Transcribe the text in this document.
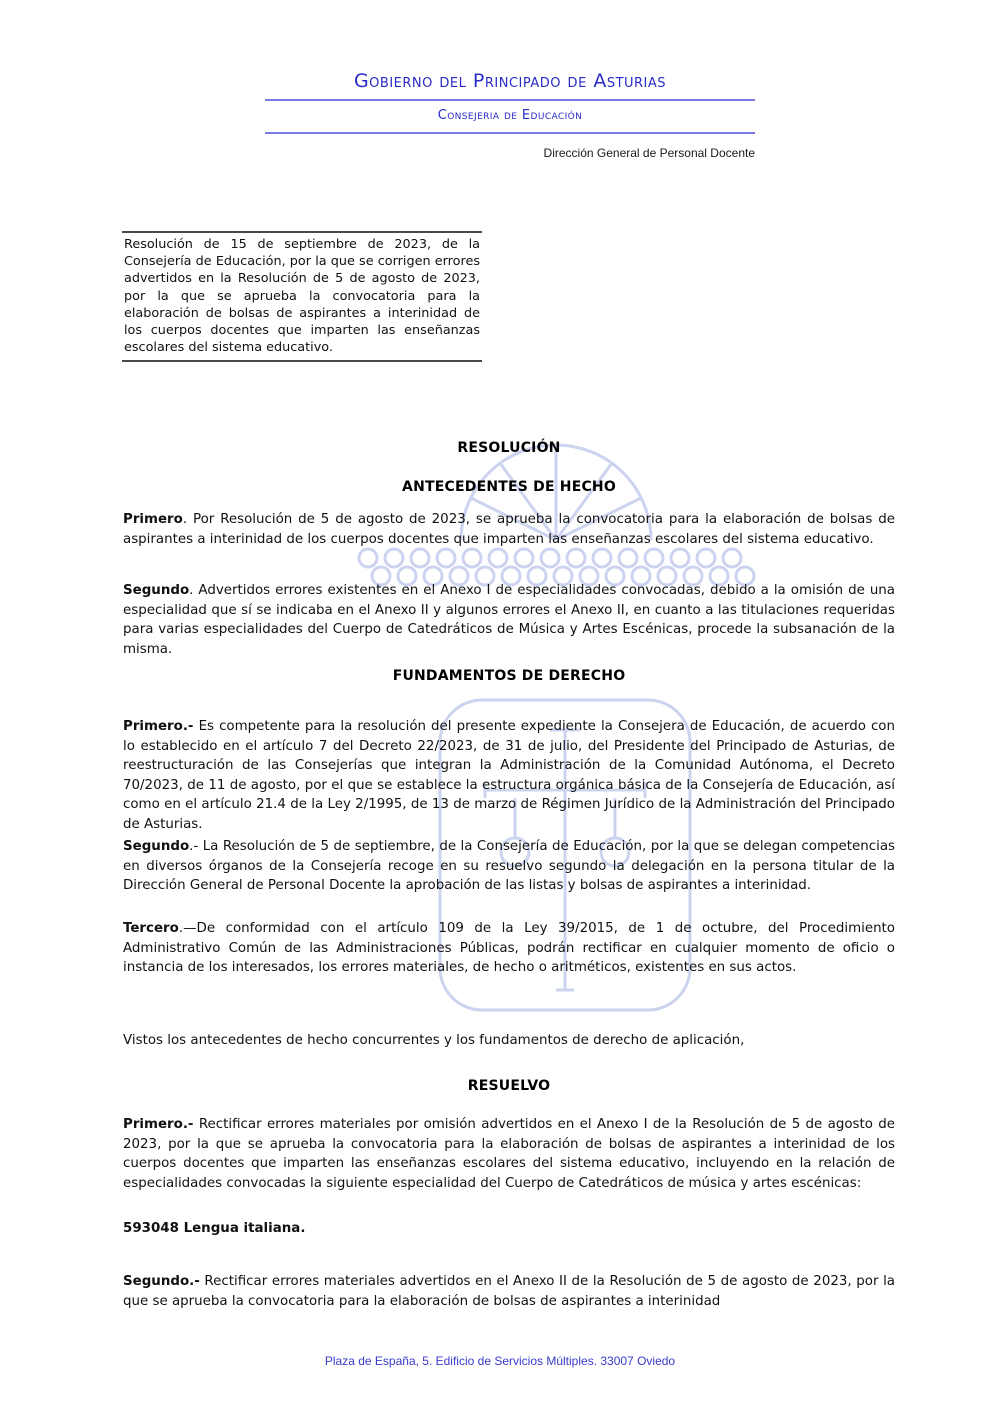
Gobierno del Principado de Asturias
Consejeria de Educación
Dirección General de Personal Docente
Resolución de 15 de septiembre de 2023, de la Consejería de Educación, por la que se corrigen errores advertidos en la Resolución de 5 de agosto de 2023, por la que se aprueba la convocatoria para la elaboración de bolsas de aspirantes a interinidad de los cuerpos docentes que imparten las enseñanzas escolares del sistema educativo.
RESOLUCIÓN
ANTECEDENTES DE HECHO
Primero. Por Resolución de 5 de agosto de 2023, se aprueba la convocatoria para la elaboración de bolsas de aspirantes a interinidad de los cuerpos docentes que imparten las enseñanzas escolares del sistema educativo.
Segundo. Advertidos errores existentes en el Anexo I de especialidades convocadas, debido a la omisión de una especialidad que sí se indicaba en el Anexo II y algunos errores el Anexo II, en cuanto a las titulaciones requeridas para varias especialidades del Cuerpo de Catedráticos de Música y Artes Escénicas, procede la subsanación de la misma.
FUNDAMENTOS DE DERECHO
Primero.- Es competente para la resolución del presente expediente la Consejera de Educación, de acuerdo con lo establecido en el artículo 7 del Decreto 22/2023, de 31 de julio, del Presidente del Principado de Asturias, de reestructuración de las Consejerías que integran la Administración de la Comunidad Autónoma, el Decreto 70/2023, de 11 de agosto, por el que se establece la estructura orgánica básica de la Consejería de Educación, así como en el artículo 21.4 de la Ley 2/1995, de 13 de marzo de Régimen Jurídico de la Administración del Principado de Asturias.
Segundo.- La Resolución de 5 de septiembre, de la Consejería de Educación, por la que se delegan competencias en diversos órganos de la Consejería recoge en su resuelvo segundo la delegación en la persona titular de la Dirección General de Personal Docente la aprobación de las listas y bolsas de aspirantes a interinidad.
Tercero.—De conformidad con el artículo 109 de la Ley 39/2015, de 1 de octubre, del Procedimiento Administrativo Común de las Administraciones Públicas, podrán rectificar en cualquier momento de oficio o instancia de los interesados, los errores materiales, de hecho o aritméticos, existentes en sus actos.
Vistos los antecedentes de hecho concurrentes y los fundamentos de derecho de aplicación,
RESUELVO
Primero.- Rectificar errores materiales por omisión advertidos en el Anexo I de la Resolución de 5 de agosto de 2023, por la que se aprueba la convocatoria para la elaboración de bolsas de aspirantes a interinidad de los cuerpos docentes que imparten las enseñanzas escolares del sistema educativo, incluyendo en la relación de especialidades convocadas la siguiente especialidad del Cuerpo de Catedráticos de música y artes escénicas:
593048 Lengua italiana.
Segundo.- Rectificar errores materiales advertidos en el Anexo II de la Resolución de 5 de agosto de 2023, por la que se aprueba la convocatoria para la elaboración de bolsas de aspirantes a interinidad
Plaza de España, 5. Edificio de Servicios Múltiples. 33007 Oviedo
